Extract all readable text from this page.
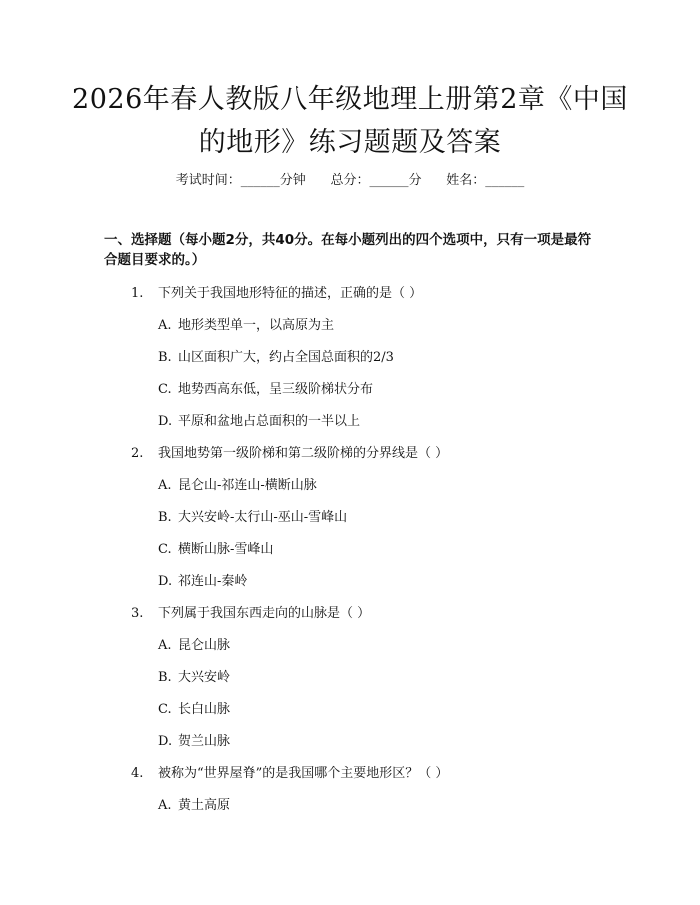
2026年春人教版八年级地理上册第2章《中国的地形》练习题题及答案
考试时间：______分钟      总分：______分      姓名：______
一、选择题（每小题2分，共40分。在每小题列出的四个选项中，只有一项是最符合题目要求的。）
1. 下列关于我国地形特征的描述，正确的是（ ）
A. 地形类型单一，以高原为主
B. 山区面积广大，约占全国总面积的2/3
C. 地势西高东低，呈三级阶梯状分布
D. 平原和盆地占总面积的一半以上
2. 我国地势第一级阶梯和第二级阶梯的分界线是（ ）
A. 昆仑山-祁连山-横断山脉
B. 大兴安岭-太行山-巫山-雪峰山
C. 横断山脉-雪峰山
D. 祁连山-秦岭
3. 下列属于我国东西走向的山脉是（ ）
A. 昆仑山脉
B. 大兴安岭
C. 长白山脉
D. 贺兰山脉
4. 被称为“世界屋脊”的是我国哪个主要地形区？（ ）
A. 黄土高原
